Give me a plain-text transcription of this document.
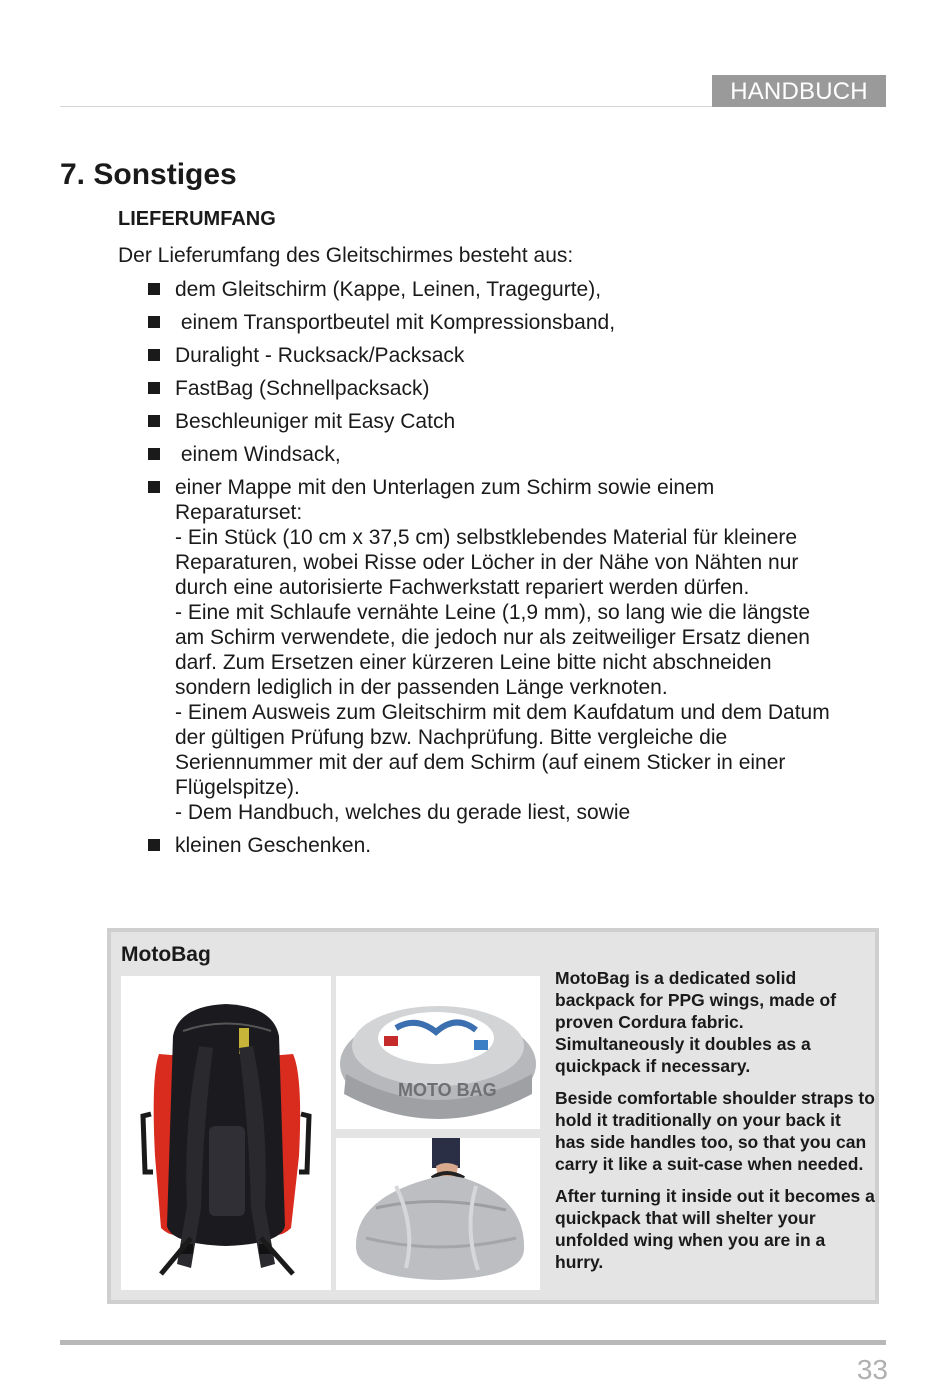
HANDBUCH
7. Sonstiges
LIEFERUMFANG
Der Lieferumfang des Gleitschirmes besteht aus:
dem Gleitschirm (Kappe, Leinen, Tragegurte),
einem Transportbeutel mit Kompressionsband,
Duralight - Rucksack/Packsack
FastBag (Schnellpacksack)
Beschleuniger mit Easy Catch
einem Windsack,
einer Mappe mit den Unterlagen zum Schirm sowie einem Reparaturset:
- Ein Stück (10 cm x 37,5 cm) selbstklebendes Material für kleinere Reparaturen, wobei Risse oder Löcher in der Nähe von Nähten nur durch eine autorisierte Fachwerkstatt repariert werden dürfen.
- Eine mit Schlaufe vernähte Leine (1,9 mm), so lang wie die längste am Schirm verwendete, die jedoch nur als zeitweiliger Ersatz dienen darf. Zum Ersetzen einer kürzeren Leine bitte nicht abschneiden sondern lediglich in der passenden Länge verknoten.
- Einem Ausweis zum Gleitschirm mit dem Kaufdatum und dem Datum der gültigen Prüfung bzw. Nachprüfung. Bitte vergleiche die Seriennummer mit der auf dem Schirm (auf einem Sticker in einer Flügelspitze).
- Dem Handbuch, welches du gerade liest, sowie
kleinen Geschenken.
MotoBag
MOTO BAG

MotoBag is a dedicated solid backpack for PPG wings, made of proven Cordura fabric. Simultaneously it doubles as a quickpack if necessary.

Beside comfortable shoulder straps to hold it traditionally on your back it has side handles too, so that you can carry it like a suit-case when needed.

After turning it inside out it becomes a quickpack that will shelter your unfolded wing when you are in a hurry.

33
